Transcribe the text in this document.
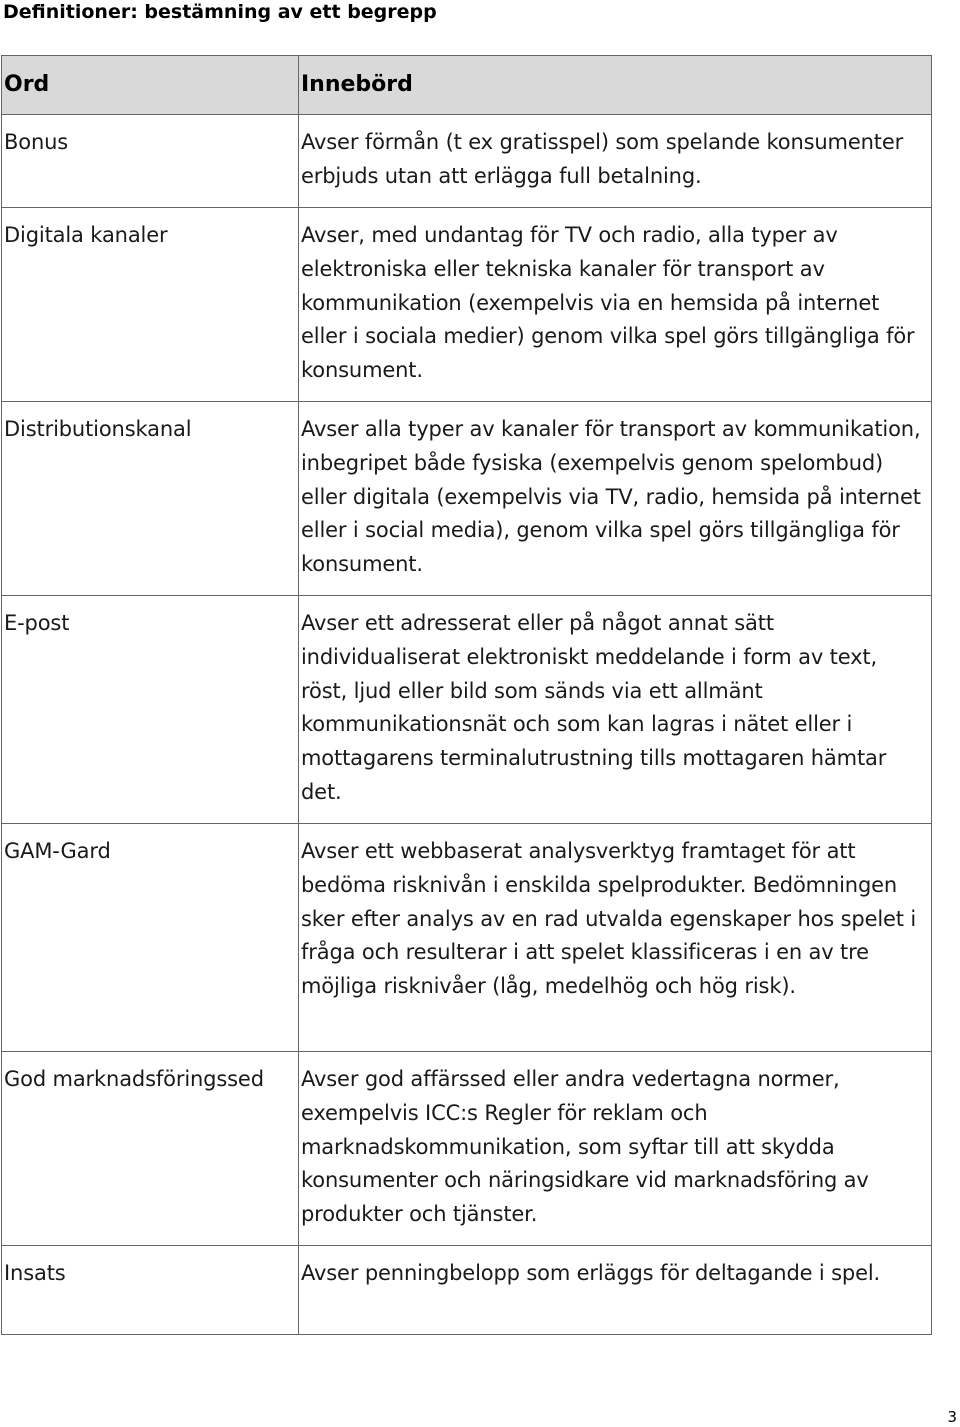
Definitioner: bestämning av ett begrepp
Ord	Innebörd
Bonus	Avser förmån (t ex gratisspel) som spelande konsumenter erbjuds utan att erlägga full betalning.
Digitala kanaler	Avser, med undantag för TV och radio, alla typer av elektroniska eller tekniska kanaler för transport av kommunikation (exempelvis via en hemsida på internet eller i sociala medier) genom vilka spel görs tillgängliga för konsument.
Distributionskanal	Avser alla typer av kanaler för transport av kommunikation, inbegripet både fysiska (exempelvis genom spelombud) eller digitala (exempelvis via TV, radio, hemsida på internet eller i social media), genom vilka spel görs tillgängliga för konsument.
E-post	Avser ett adresserat eller på något annat sätt individualiserat elektroniskt meddelande i form av text, röst, ljud eller bild som sänds via ett allmänt kommunikationsnät och som kan lagras i nätet eller i mottagarens terminalutrustning tills mottagaren hämtar det.
GAM-Gard	Avser ett webbaserat analysverktyg framtaget för att bedöma risknivån i enskilda spelprodukter. Bedömningen sker efter analys av en rad utvalda egenskaper hos spelet i fråga och resulterar i att spelet klassificeras i en av tre möjliga risknivåer (låg, medelhög och hög risk).
God marknadsföringssed	Avser god affärssed eller andra vedertagna normer, exempelvis ICC:s Regler för reklam och marknadskommunikation, som syftar till att skydda konsumenter och näringsidkare vid marknadsföring av produkter och tjänster.
Insats	Avser penningbelopp som erläggs för deltagande i spel.
3
